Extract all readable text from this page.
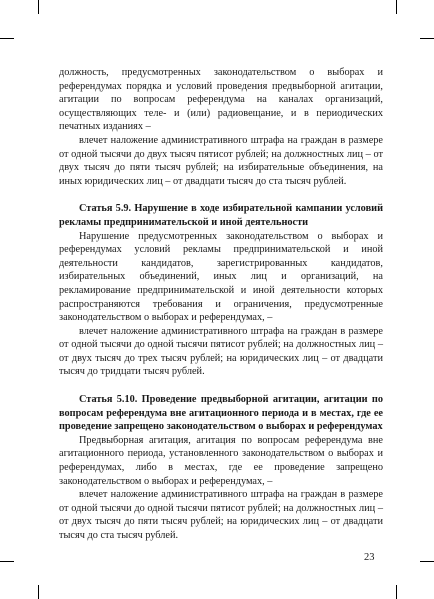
должность, предусмотренных законодательством о выборах и референдумах порядка и условий проведения предвыборной агитации, агитации по вопросам референдума на каналах организаций, осуществляющих теле- и (или) радиовещание, и в периодических печатных изданиях –

влечет наложение административного штрафа на граждан в размере от одной тысячи до двух тысяч пятисот рублей; на должностных лиц – от двух тысяч до пяти тысяч рублей; на избирательные объединения, на иных юридических лиц – от двадцати тысяч до ста тысяч рублей.

Статья 5.9. Нарушение в ходе избирательной кампании условий рекламы предпринимательской и иной деятельности

Нарушение предусмотренных законодательством о выборах и референдумах условий рекламы предпринимательской и иной деятельности кандидатов, зарегистрированных кандидатов, избирательных объединений, иных лиц и организаций, на рекламирование предпринимательской и иной деятельности которых распространяются требования и ограничения, предусмотренные законодательством о выборах и референдумах, –

влечет наложение административного штрафа на граждан в размере от одной тысячи до одной тысячи пятисот рублей; на должностных лиц – от двух тысяч до трех тысяч рублей; на юридических лиц – от двадцати тысяч до тридцати тысяч рублей.

Статья 5.10. Проведение предвыборной агитации, агитации по вопросам референдума вне агитационного периода и в местах, где ее проведение запрещено законодательством о выборах и референдумах

Предвыборная агитация, агитация по вопросам референдума вне агитационного периода, установленного законодательством о выборах и референдумах, либо в местах, где ее проведение запрещено законодательством о выборах и референдумах, –

влечет наложение административного штрафа на граждан в размере от одной тысячи до одной тысячи пятисот рублей; на должностных лиц – от двух тысяч до пяти тысяч рублей; на юридических лиц – от двадцати тысяч до ста тысяч рублей.

23
